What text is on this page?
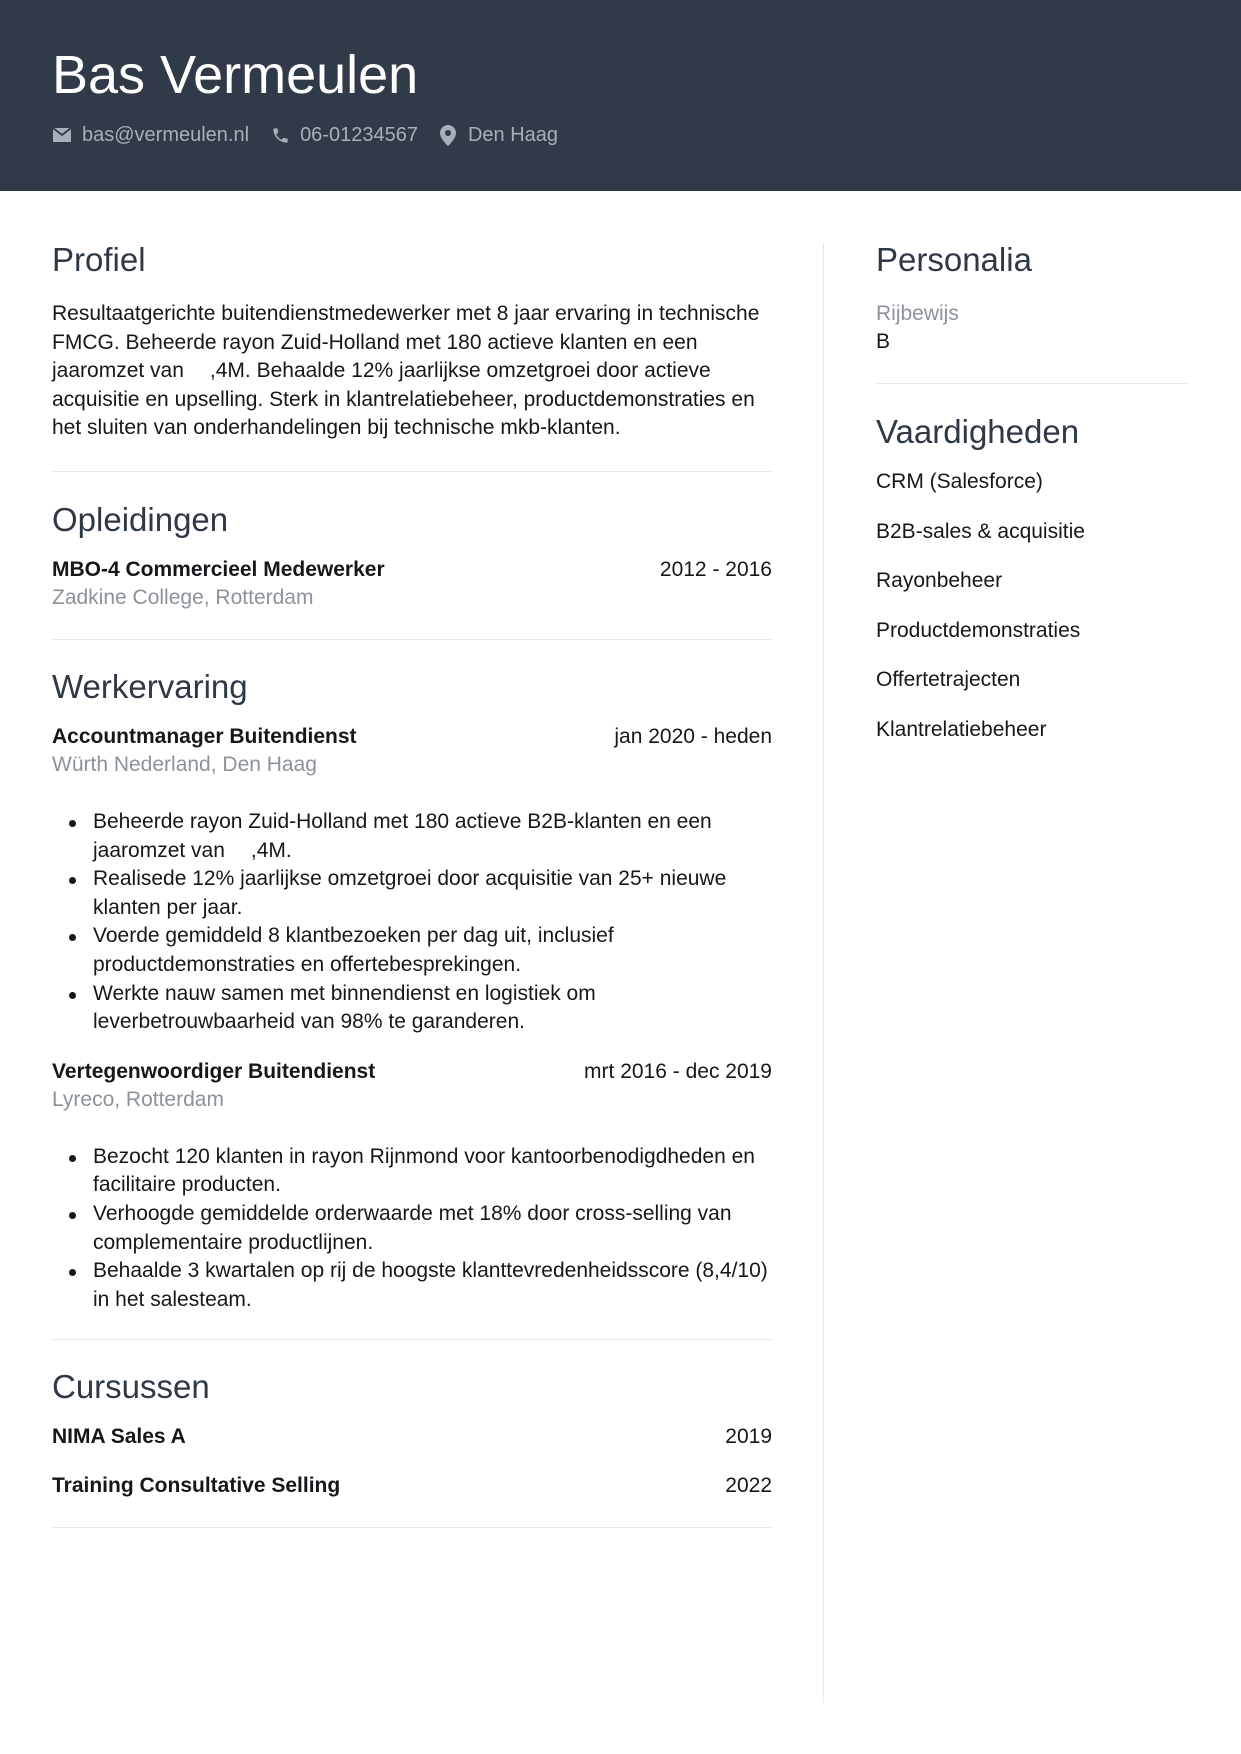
Bas Vermeulen
bas@vermeulen.nl	06-01234567	Den Haag
Profiel

Resultaatgerichte buitendienstmedewerker met 8 jaar ervaring in technische FMCG. Beheerde rayon Zuid-Holland met 180 actieve klanten en een jaaromzet van ,4M. Behaalde 12% jaarlijkse omzetgroei door actieve acquisitie en upselling. Sterk in klantrelatiebeheer, productdemonstraties en het sluiten van onderhandelingen bij technische mkb-klanten.

Opleidingen
MBO-4 Commercieel Medewerker	2012 - 2016
Zadkine College, Rotterdam
Werkervaring
Accountmanager Buitendienst	jan 2020 - heden
Würth Nederland, Den Haag
Beheerde rayon Zuid-Holland met 180 actieve B2B-klanten en een jaaromzet van ,4M.
Realisede 12% jaarlijkse omzetgroei door acquisitie van 25+ nieuwe klanten per jaar.
Voerde gemiddeld 8 klantbezoeken per dag uit, inclusief productdemonstraties en offertebesprekingen.
Werkte nauw samen met binnendienst en logistiek om leverbetrouwbaarheid van 98% te garanderen.
Vertegenwoordiger Buitendienst	mrt 2016 - dec 2019
Lyreco, Rotterdam
Bezocht 120 klanten in rayon Rijnmond voor kantoorbenodigdheden en facilitaire producten.
Verhoogde gemiddelde orderwaarde met 18% door cross-selling van complementaire productlijnen.
Behaalde 3 kwartalen op rij de hoogste klanttevredenheidsscore (8,4/10) in het salesteam.
Cursussen
NIMA Sales A	2019
Training Consultative Selling	2022
Personalia
Rijbewijs
B
Vaardigheden
CRM (Salesforce)
B2B-sales & acquisitie
Rayonbeheer
Productdemonstraties
Offertetrajecten
Klantrelatiebeheer
